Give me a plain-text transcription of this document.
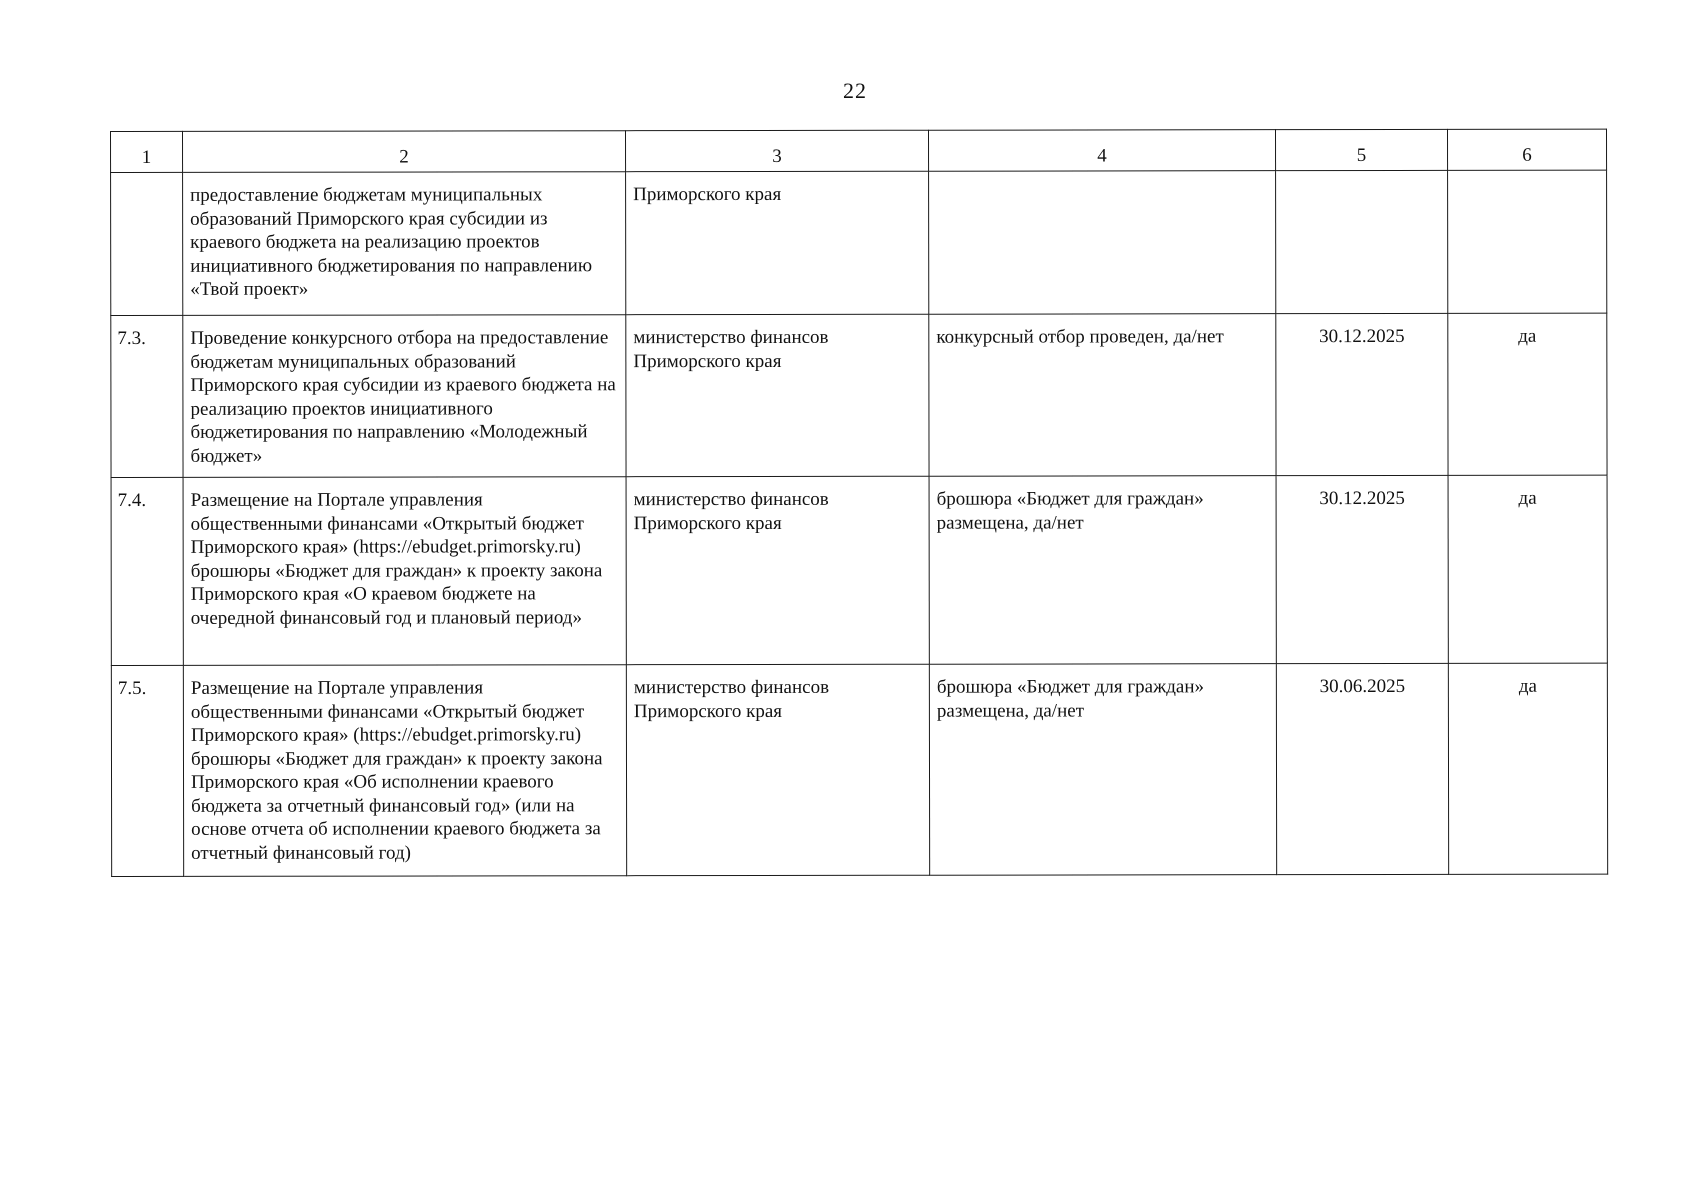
22
1	2	3	4	5	6
	предоставление бюджетам муниципальных образований Приморского края субсидии из краевого бюджета на реализацию проектов инициативного бюджетирования по направлению «Твой проект»	Приморского края			
7.3.	Проведение конкурсного отбора на предоставление бюджетам муниципальных образований Приморского края субсидии из краевого бюджета на реализацию проектов инициативного бюджетирования по направлению «Молодежный бюджет»	министерство финансов Приморского края	конкурсный отбор проведен, да/нет	30.12.2025	да
7.4.	Размещение на Портале управления общественными финансами «Открытый бюджет Приморского края» (https://ebudget.primorsky.ru) брошюры «Бюджет для граждан» к проекту закона Приморского края «О краевом бюджете на очередной финансовый год и плановый период»	министерство финансов Приморского края	брошюра «Бюджет для граждан» размещена, да/нет	30.12.2025	да
7.5.	Размещение на Портале управления общественными финансами «Открытый бюджет Приморского края» (https://ebudget.primorsky.ru) брошюры «Бюджет для граждан» к проекту закона Приморского края «Об исполнении краевого бюджета за отчетный финансовый год» (или на основе отчета об исполнении краевого бюджета за отчетный финансовый год)	министерство финансов Приморского края	брошюра «Бюджет для граждан» размещена, да/нет	30.06.2025	да
